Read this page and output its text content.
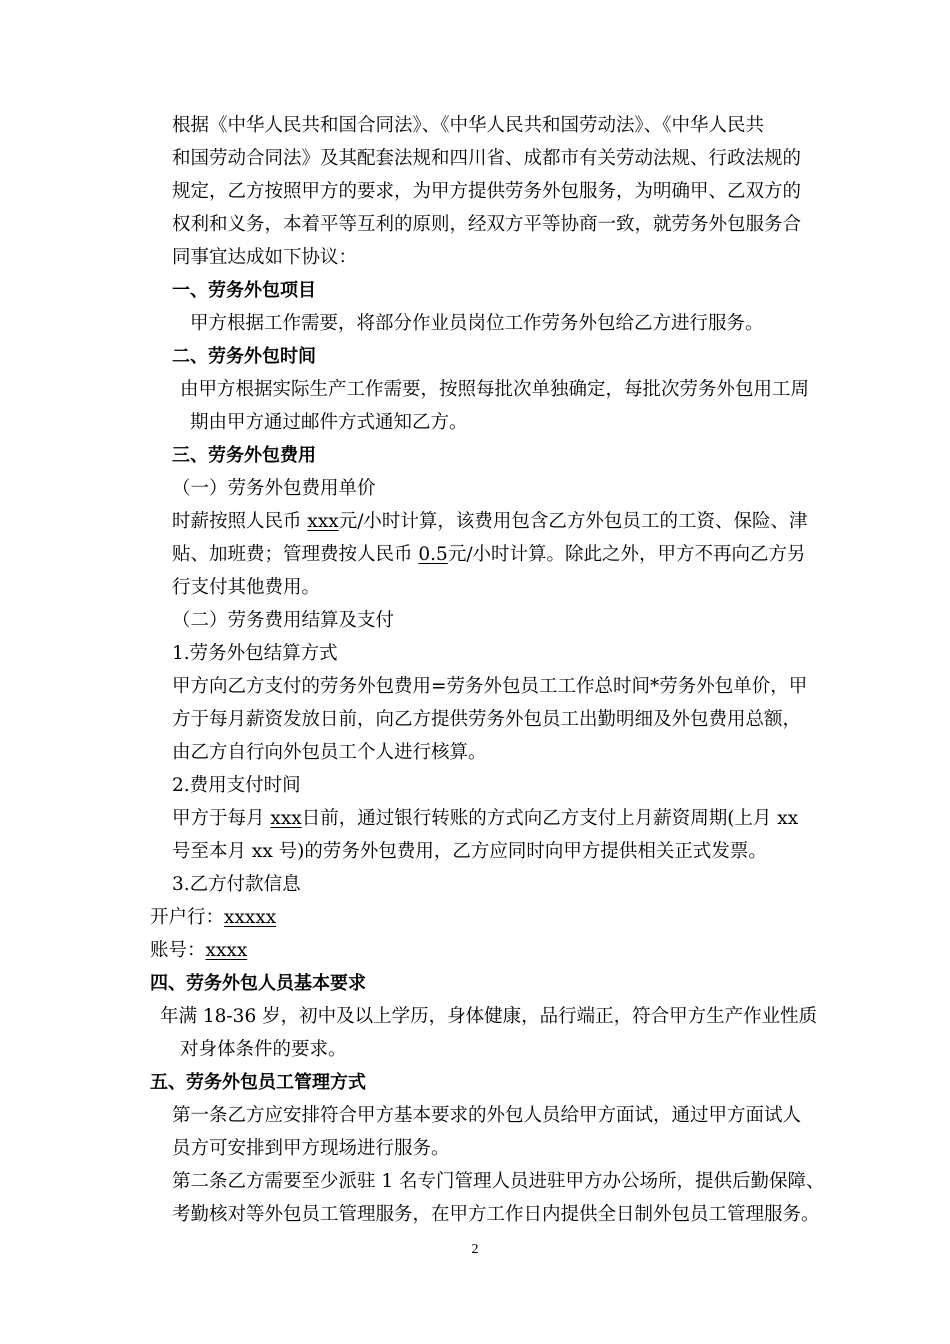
根据《中华人民共和国合同法》、《中华人民共和国劳动法》、《中华人民共
和国劳动合同法》及其配套法规和四川省、成都市有关劳动法规、行政法规的
规定，乙方按照甲方的要求，为甲方提供劳务外包服务，为明确甲、乙双方的
权利和义务，本着平等互利的原则，经双方平等协商一致，就劳务外包服务合
同事宜达成如下协议：
一、劳务外包项目
甲方根据工作需要，将部分作业员岗位工作劳务外包给乙方进行服务。
二、劳务外包时间
由甲方根据实际生产工作需要，按照每批次单独确定，每批次劳务外包用工周
期由甲方通过邮件方式通知乙方。
三、劳务外包费用
（一）劳务外包费用单价
时薪按照人民币 xxx元/小时计算，该费用包含乙方外包员工的工资、保险、津
贴、加班费；管理费按人民币 0.5元/小时计算。除此之外，甲方不再向乙方另
行支付其他费用。
（二）劳务费用结算及支付
1.劳务外包结算方式
甲方向乙方支付的劳务外包费用=劳务外包员工工作总时间*劳务外包单价，甲
方于每月薪资发放日前，向乙方提供劳务外包员工出勤明细及外包费用总额，
由乙方自行向外包员工个人进行核算。
2.费用支付时间
甲方于每月 xxx日前，通过银行转账的方式向乙方支付上月薪资周期(上月 xx
号至本月 xx 号)的劳务外包费用，乙方应同时向甲方提供相关正式发票。
3.乙方付款信息
开户行：xxxxx
账号：xxxx
四、劳务外包人员基本要求
年满 18-36 岁，初中及以上学历，身体健康，品行端正，符合甲方生产作业性质
对身体条件的要求。
五、劳务外包员工管理方式
第一条乙方应安排符合甲方基本要求的外包人员给甲方面试，通过甲方面试人
员方可安排到甲方现场进行服务。
第二条乙方需要至少派驻 1 名专门管理人员进驻甲方办公场所，提供后勤保障、
考勤核对等外包员工管理服务，在甲方工作日内提供全日制外包员工管理服务。
2
